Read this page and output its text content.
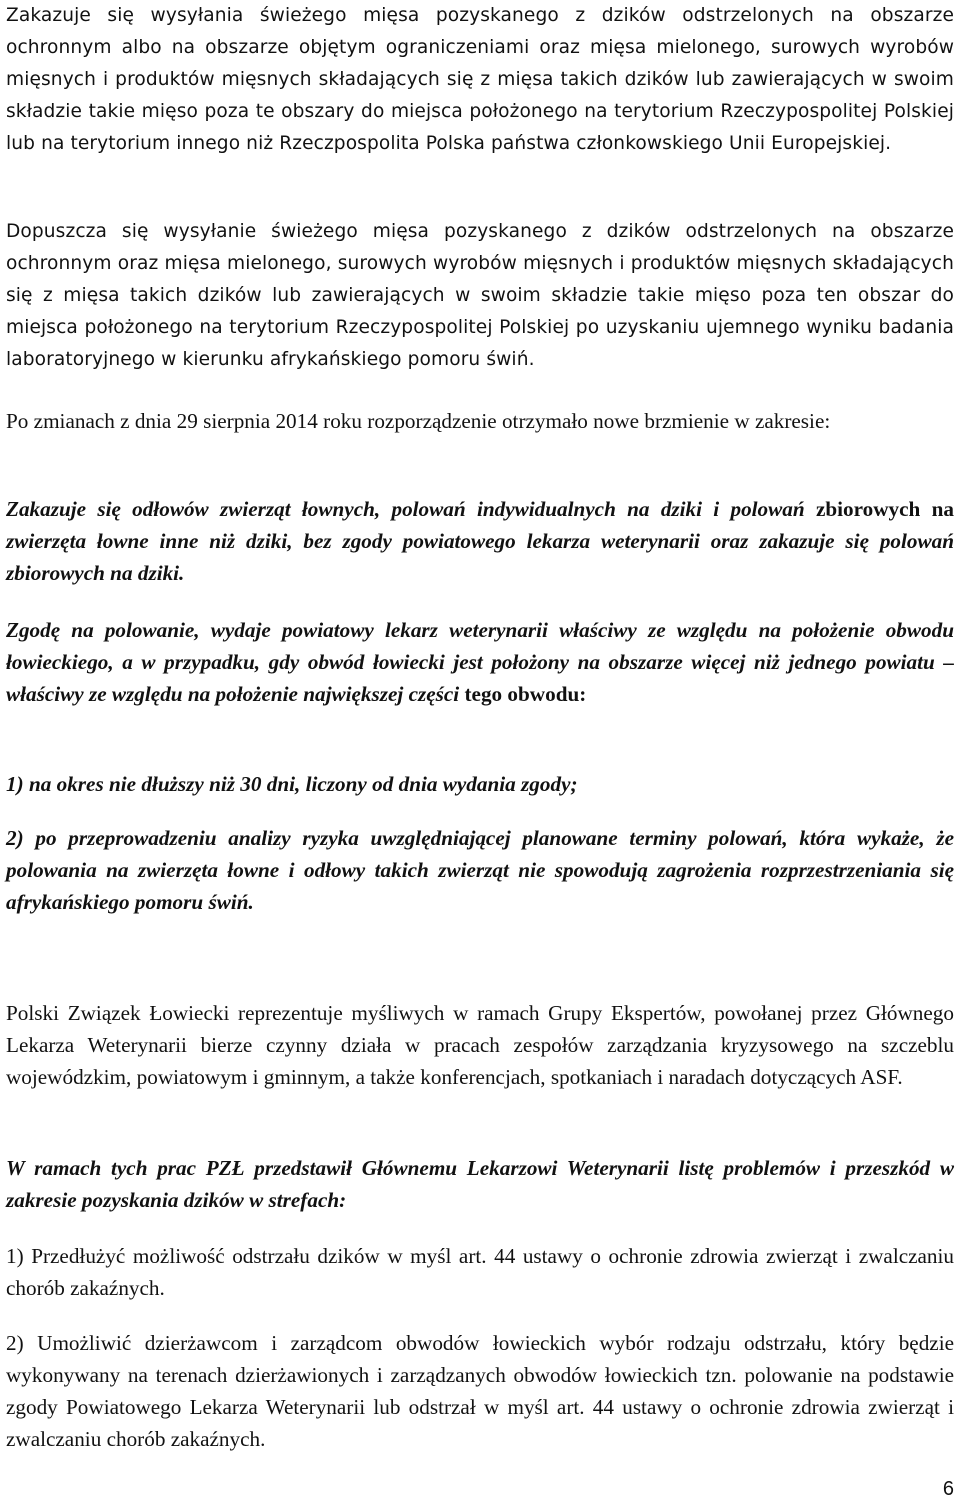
Zakazuje się wysyłania świeżego mięsa pozyskanego z dzików odstrzelonych na obszarze ochronnym albo na obszarze objętym ograniczeniami oraz mięsa mielonego, surowych wyrobów mięsnych i produktów mięsnych składających się z mięsa takich dzików lub zawierających w swoim składzie takie mięso poza te obszary do miejsca położonego na terytorium Rzeczypospolitej Polskiej lub na terytorium innego niż Rzeczpospolita Polska państwa członkowskiego Unii Europejskiej.

Dopuszcza się wysyłanie świeżego mięsa pozyskanego z dzików odstrzelonych na obszarze ochronnym oraz mięsa mielonego, surowych wyrobów mięsnych i produktów mięsnych składających się z mięsa takich dzików lub zawierających w swoim składzie takie mięso poza ten obszar do miejsca położonego na terytorium Rzeczypospolitej Polskiej po uzyskaniu ujemnego wyniku badania laboratoryjnego w kierunku afrykańskiego pomoru świń.

Po zmianach z dnia 29 sierpnia 2014 roku rozporządzenie otrzymało nowe brzmienie w zakresie:

Zakazuje się odłowów zwierząt łownych, polowań indywidualnych na dziki i polowań zbiorowych na zwierzęta łowne inne niż dziki, bez zgody powiatowego lekarza weterynarii oraz zakazuje się polowań zbiorowych na dziki.

Zgodę na polowanie, wydaje powiatowy lekarz weterynarii właściwy ze względu na położenie obwodu łowieckiego, a w przypadku, gdy obwód łowiecki jest położony na obszarze więcej niż jednego powiatu – właściwy ze względu na położenie największej części tego obwodu:

1) na okres nie dłuższy niż 30 dni, liczony od dnia wydania zgody;

2) po przeprowadzeniu analizy ryzyka uwzględniającej planowane terminy polowań, która wykaże, że polowania na zwierzęta łowne i odłowy takich zwierząt nie spowodują zagrożenia rozprzestrzeniania się afrykańskiego pomoru świń.

Polski Związek Łowiecki reprezentuje myśliwych w ramach Grupy Ekspertów, powołanej przez Głównego Lekarza Weterynarii bierze czynny działa w pracach zespołów zarządzania kryzysowego na szczeblu wojewódzkim, powiatowym i gminnym, a także konferencjach, spotkaniach i naradach dotyczących ASF.

W ramach tych prac PZŁ przedstawił Głównemu Lekarzowi Weterynarii listę problemów i przeszkód w zakresie pozyskania dzików w strefach:

1) Przedłużyć możliwość odstrzału dzików w myśl art. 44 ustawy o ochronie zdrowia zwierząt i zwalczaniu chorób zakaźnych.

2) Umożliwić dzierżawcom i zarządcom obwodów łowieckich wybór rodzaju odstrzału, który będzie wykonywany na terenach dzierżawionych i zarządzanych obwodów łowieckich tzn. polowanie na podstawie zgody Powiatowego Lekarza Weterynarii lub odstrzał w myśl art. 44 ustawy o ochronie zdrowia zwierząt i zwalczaniu chorób zakaźnych.

6
